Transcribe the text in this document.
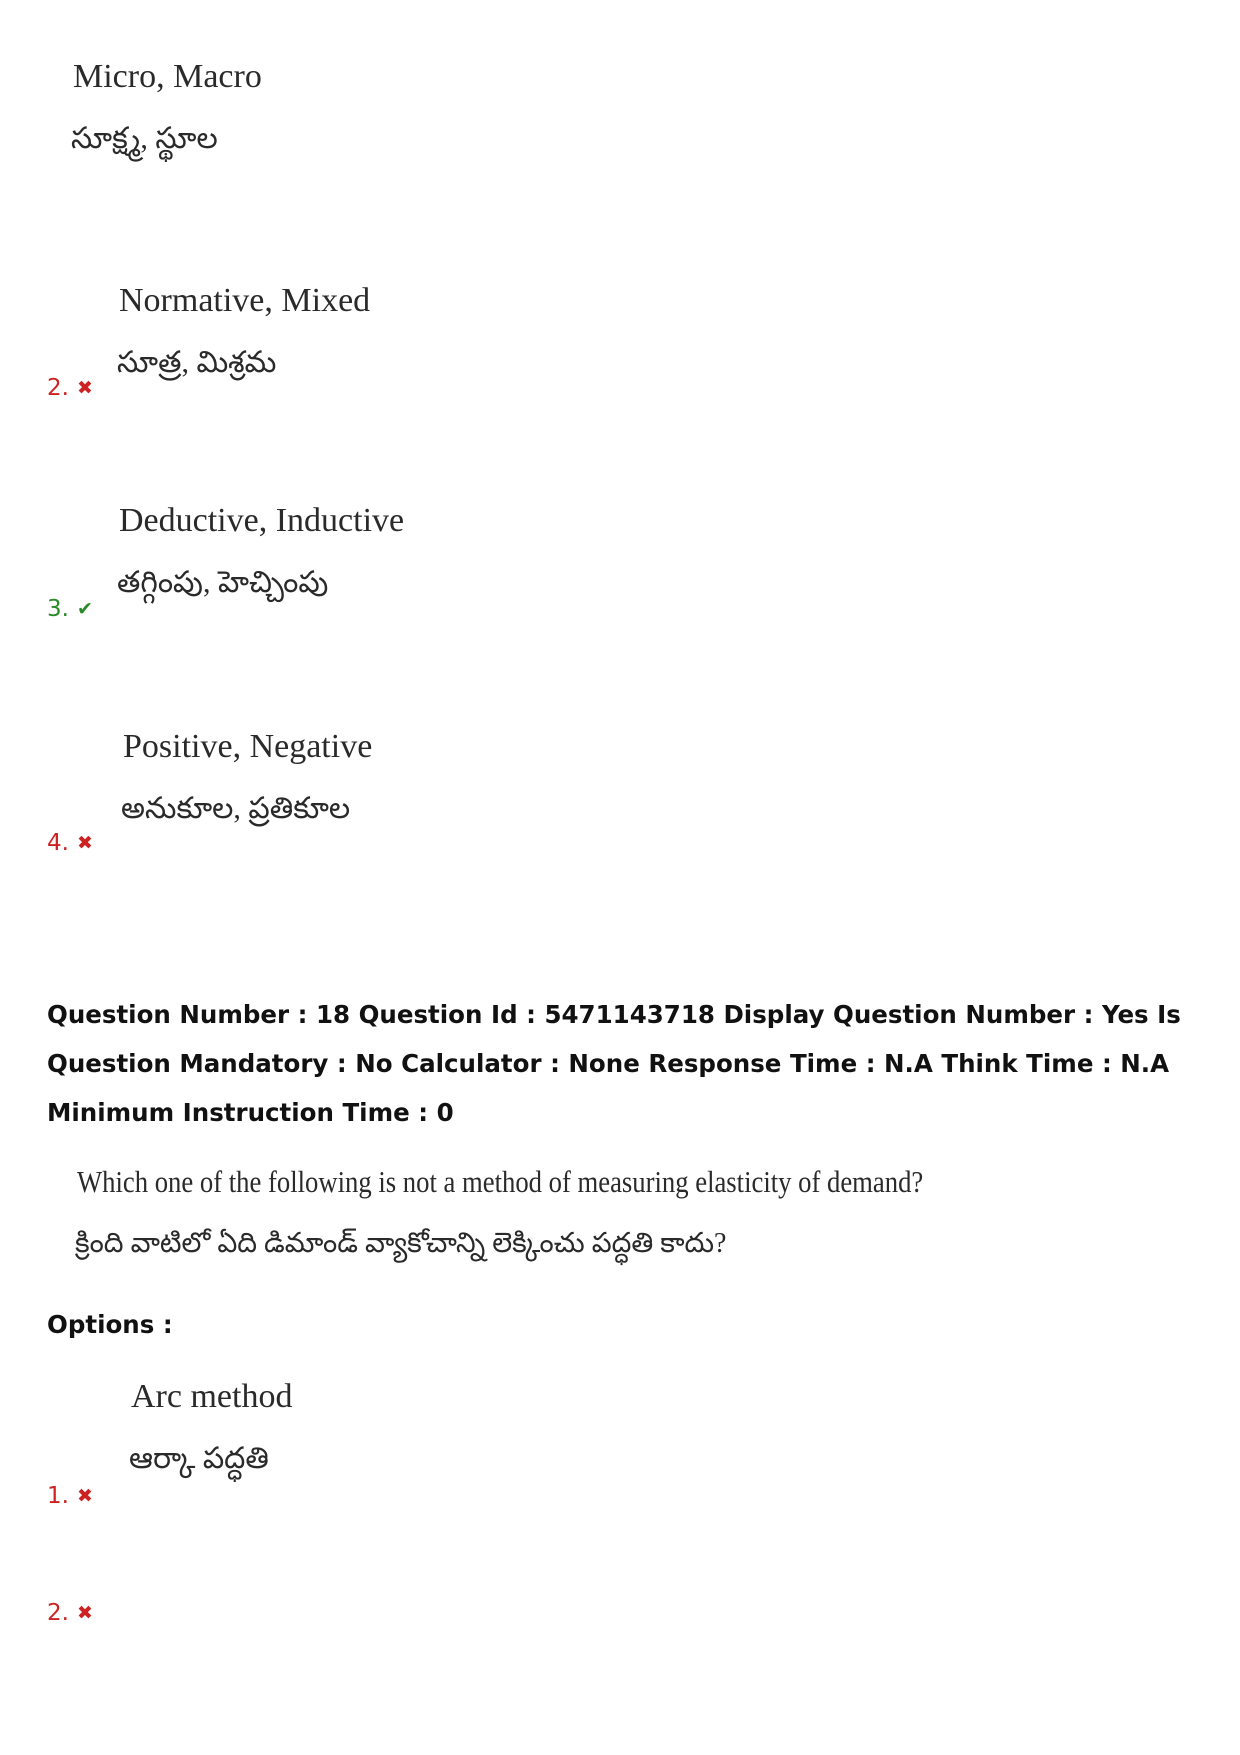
Micro, Macro
సూక్ష్మ, స్థూల
Normative, Mixed
సూత్ర, మిశ్రమ
2. ✖
Deductive, Inductive
తగ్గింపు, హెచ్చింపు
3. ✔
Positive, Negative
అనుకూల, ప్రతికూల
4. ✖
Question Number : 18 Question Id : 5471143718 Display Question Number : Yes Is Question Mandatory : No Calculator : None Response Time : N.A Think Time : N.A Minimum Instruction Time : 0
Which one of the following is not a method of measuring elasticity of demand?
క్రింది వాటిలో ఏది డిమాండ్ వ్యాకోచాన్ని లెక్కించు పద్ధతి కాదు?
Options :
Arc method
ఆర్కా పద్ధతి
1. ✖
2. ✖
